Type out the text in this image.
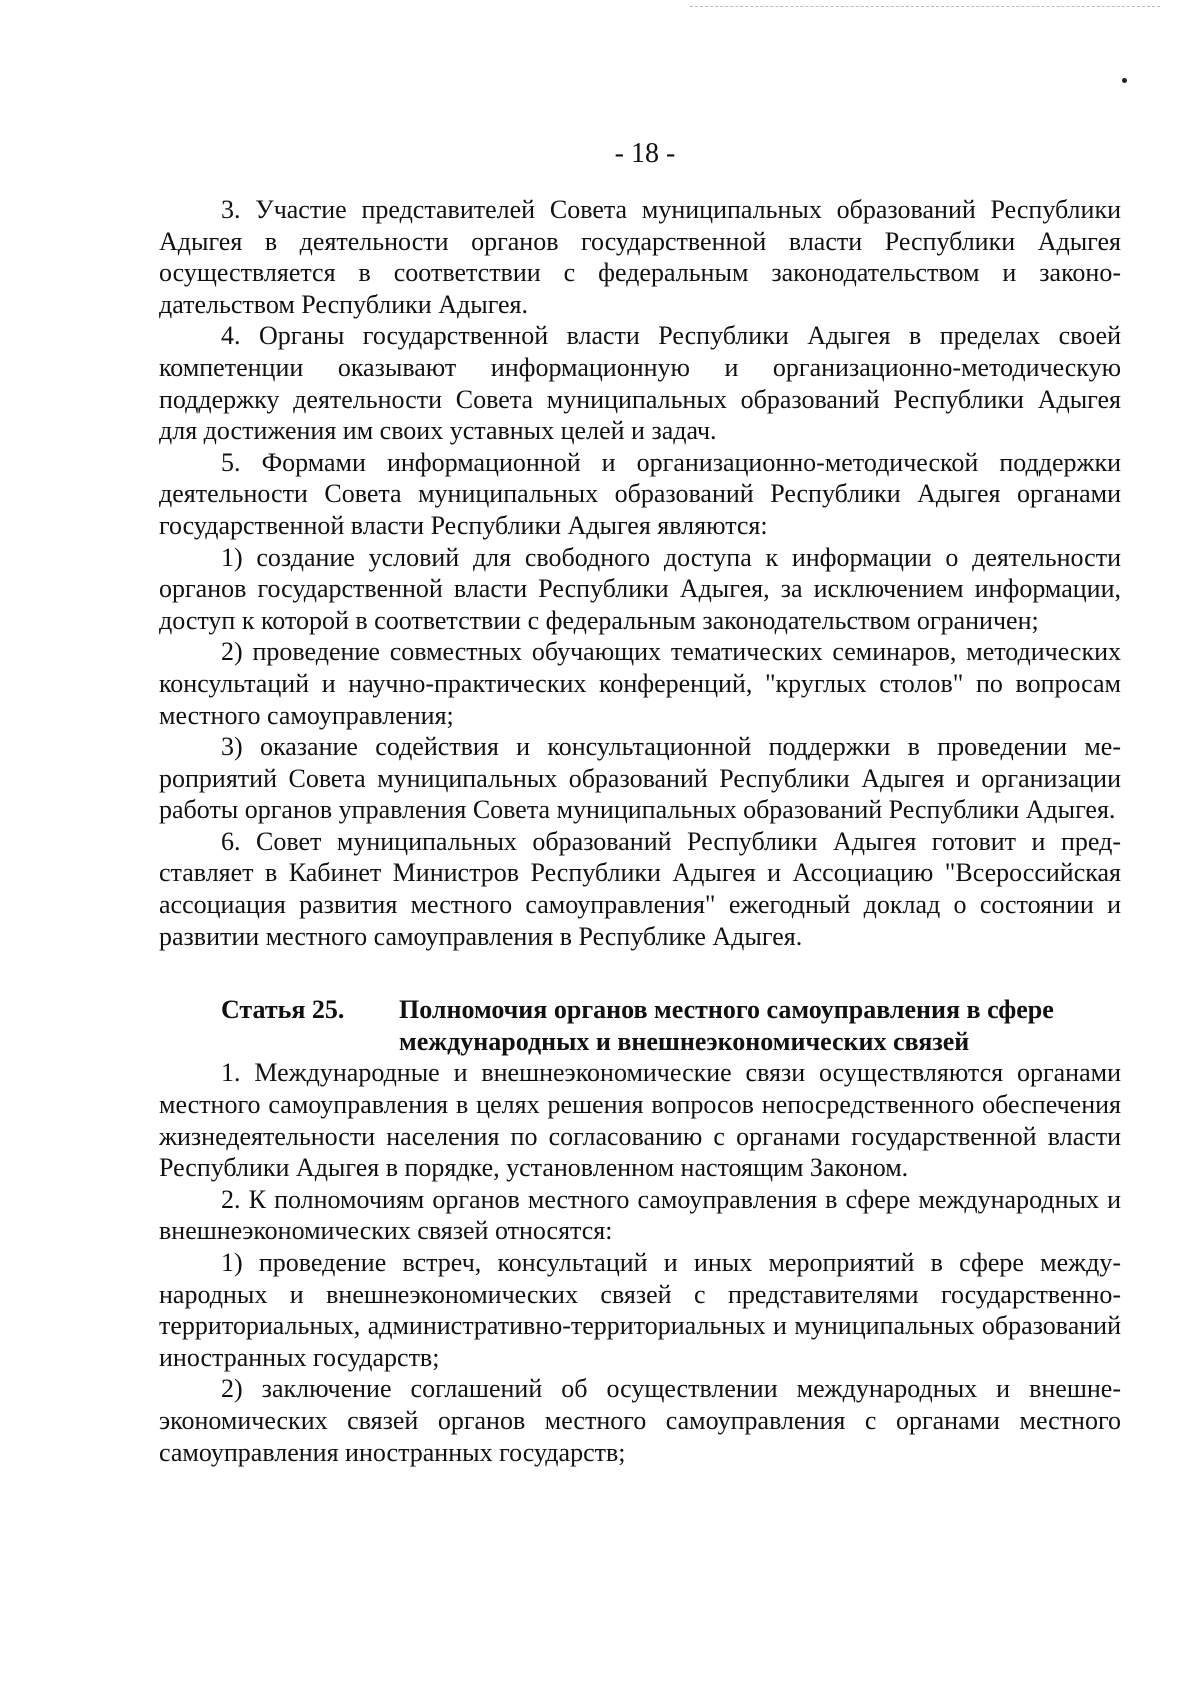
- 18 -

3. Участие представителей Совета муниципальных образований Республики Адыгея в деятельности органов государственной власти Республики Адыгея осуществляется в соответствии с федеральным законодательством и законодательством Республики Адыгея.

4. Органы государственной власти Республики Адыгея в пределах своей компетенции оказывают информационную и организационно-методическую поддержку деятельности Совета муниципальных образований Республики Адыгея для достижения им своих уставных целей и задач.

5. Формами информационной и организационно-методической поддержки деятельности Совета муниципальных образований Республики Адыгея органами государственной власти Республики Адыгея являются:

1) создание условий для свободного доступа к информации о деятельности органов государственной власти Республики Адыгея, за исключением информации, доступ к которой в соответствии с федеральным законодательством ограничен;

2) проведение совместных обучающих тематических семинаров, методических консультаций и научно-практических конференций, "круглых столов" по вопросам местного самоуправления;

3) оказание содействия и консультационной поддержки в проведении мероприятий Совета муниципальных образований Республики Адыгея и организации работы органов управления Совета муниципальных образований Республики Адыгея.

6. Совет муниципальных образований Республики Адыгея готовит и представляет в Кабинет Министров Республики Адыгея и Ассоциацию "Всероссийская ассоциация развития местного самоуправления" ежегодный доклад о состоянии и развитии местного самоуправления в Республике Адыгея.

Статья 25.	Полномочия органов местного самоуправления в сфере международных и внешнеэкономических связей

1. Международные и внешнеэкономические связи осуществляются органами местного самоуправления в целях решения вопросов непосредственного обеспечения жизнедеятельности населения по согласованию с органами государственной власти Республики Адыгея в порядке, установленном настоящим Законом.

2. К полномочиям органов местного самоуправления в сфере международных и внешнеэкономических связей относятся:

1) проведение встреч, консультаций и иных мероприятий в сфере международных и внешнеэкономических связей с представителями государственно-территориальных, административно-территориальных и муниципальных образований иностранных государств;

2) заключение соглашений об осуществлении международных и внешнеэкономических связей органов местного самоуправления с органами местного самоуправления иностранных государств;
